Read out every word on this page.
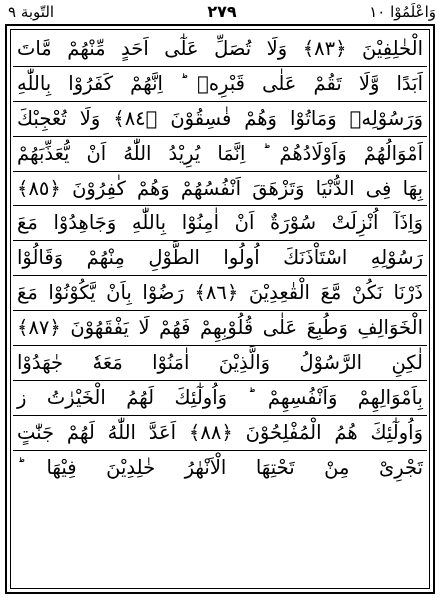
التّوبة ٩	٢٧٩	وَاعْلَمُوْا ١٠
الْخٰلِفِيْنَ ﴿٨٣﴾ وَلَا تُصَلِّ عَلٰٓى اَحَدٍ مِّنْهُمْ مَّاتَ
اَبَدًا وَّلَا تَقُمْ عَلٰى قَبْرِهٖ ؕ اِنَّهُمْ كَفَرُوْا بِاللّٰهِ
وَرَسُوْلِهٖ وَمَاتُوْا وَهُمْ فٰسِقُوْنَ ﴿٨٤﴾ وَلَا تُعْجِبْكَ
اَمْوَالُهُمْ وَاَوْلَادُهُمْ ؕ اِنَّمَا يُرِيْدُ اللّٰهُ اَنْ يُّعَذِّبَهُمْ
بِهَا فِى الدُّنْيَا وَتَزْهَقَ اَنْفُسُهُمْ وَهُمْ كٰفِرُوْنَ ﴿٨٥﴾
وَاِذَآ اُنْزِلَتْ سُوْرَةٌ اَنْ اٰمِنُوْا بِاللّٰهِ وَجَاهِدُوْا مَعَ
رَسُوْلِهِ اسْتَاْذَنَكَ اُولُوا الطَّوْلِ مِنْهُمْ وَقَالُوْا
ذَرْنَا نَكُنْ مَّعَ الْقٰعِدِيْنَ ﴿٨٦﴾ رَضُوْا بِاَنْ يَّكُوْنُوْا مَعَ
الْخَوَالِفِ وَطُبِعَ عَلٰى قُلُوْبِهِمْ فَهُمْ لَا يَفْقَهُوْنَ ﴿٨٧﴾
لٰكِنِ الرَّسُوْلُ وَالَّذِيْنَ اٰمَنُوْا مَعَهٗ جٰهَدُوْا
بِاَمْوَالِهِمْ وَاَنْفُسِهِمْ ؕ وَاُولٰٓئِكَ لَهُمُ الْخَيْرٰتُ ز
وَاُولٰٓئِكَ هُمُ الْمُفْلِحُوْنَ ﴿٨٨﴾ اَعَدَّ اللّٰهُ لَهُمْ جَنّٰتٍ
تَجْرِىْ مِنْ تَحْتِهَا الْاَنْهٰرُ خٰلِدِيْنَ فِيْهَا ؕ
